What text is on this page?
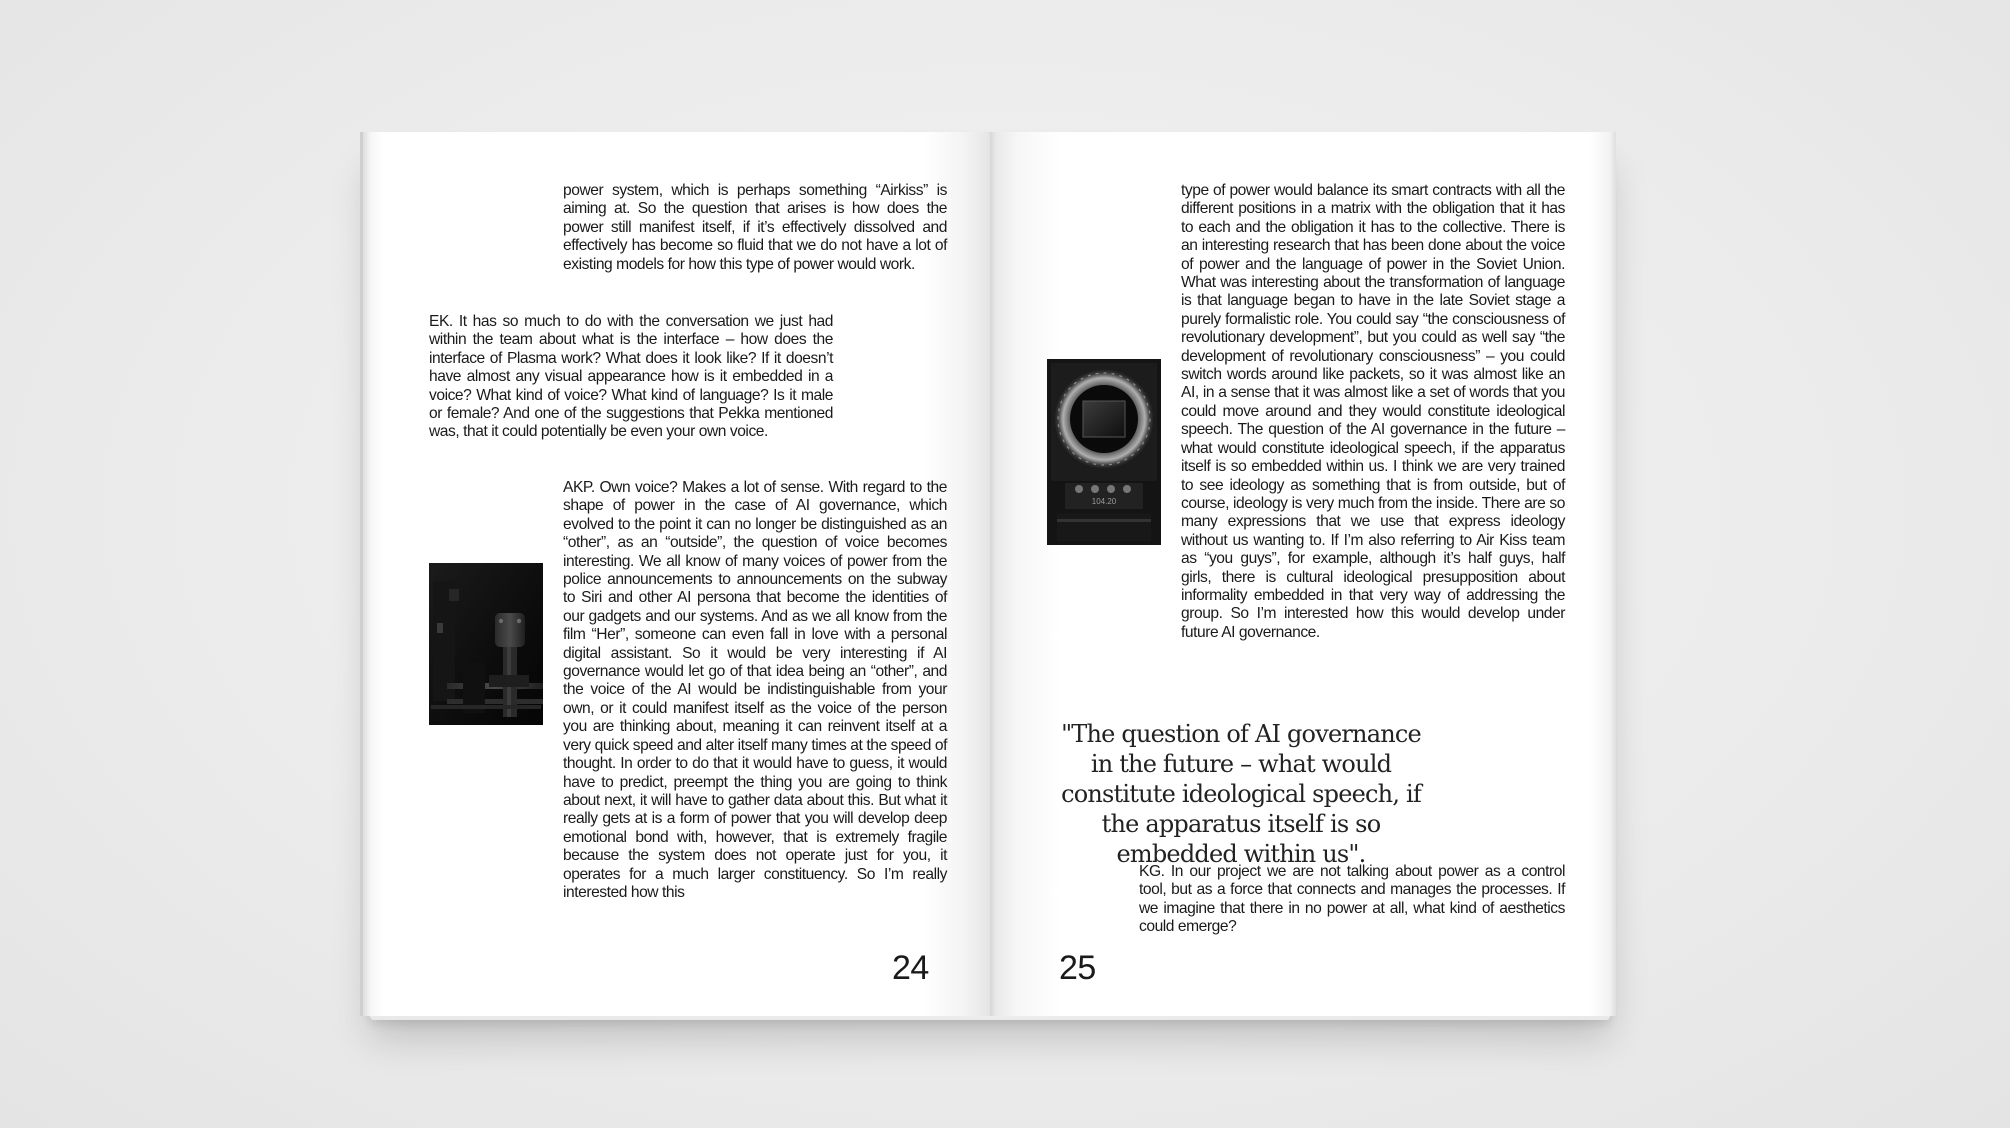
power system, which is perhaps something “Airkiss” is aiming at. So the question that arises is how does the power still manifest itself, if it’s effectively dissolved and effectively has become so fluid that we do not have a lot of existing models for how this type of power would work.

EK. It has so much to do with the conversation we just had within the team about what is the interface – how does the interface of Plasma work? What does it look like? If it doesn’t have almost any visual appearance how is it embedded in a voice? What kind of voice? What kind of language? Is it male or female? And one of the suggestions that Pekka mentioned was, that it could potentially be even your own voice.

AKP. Own voice? Makes a lot of sense. With regard to the shape of power in the case of AI governance, which evolved to the point it can no longer be distinguished as an “other”, as an “outside”, the question of voice becomes interesting. We all know of many voices of power from the police announcements to announcements on the subway to Siri and other AI persona that become the identities of our gadgets and our systems. And as we all know from the film “Her”, someone can even fall in love with a personal digital assistant. So it would be very interesting if AI governance would let go of that idea being an “other”, and the voice of the AI would be indistinguishable from your own, or it could manifest itself as the voice of the person you are thinking about, meaning it can reinvent itself at a very quick speed and alter itself many times at the speed of thought. In order to do that it would have to guess, it would have to predict, preempt the thing you are going to think about next, it will have to gather data about this. But what it really gets at is a form of power that you will develop deep emotional bond with, however, that is extremely fragile because the system does not operate just for you, it operates for a much larger constituency. So I’m really interested how this

24

type of power would balance its smart contracts with all the different positions in a matrix with the obligation that it has to each and the obligation it has to the collective. There is an interesting research that has been done about the voice of power and the language of power in the Soviet Union. What was interesting about the transformation of language is that language began to have in the late Soviet stage a purely formalistic role. You could say “the consciousness of revolutionary development”, but you could as well say “the development of revolutionary consciousness” – you could switch words around like packets, so it was almost like an AI, in a sense that it was almost like a set of words that you could move around and they would constitute ideological speech. The question of the AI governance in the future – what would constitute ideological speech, if the apparatus itself is so embedded within us. I think we are very trained to see ideology as something that is from outside, but of course, ideology is very much from the inside. There are so many expressions that we use that express ideology without us wanting to. If I’m also referring to Air Kiss team as “you guys”, for example, although it’s half guys, half girls, there is cultural ideological presupposition about informality embedded in that very way of addressing the group. So I’m interested how this would develop under future AI governance.

104.20

"The question of AI governance in the future – what would constitute ideological speech, if the apparatus itself is so embedded within us".

KG. In our project we are not talking about power as a control tool, but as a force that connects and manages the processes. If we imagine that there in no power at all, what kind of aesthetics could emerge?

25
